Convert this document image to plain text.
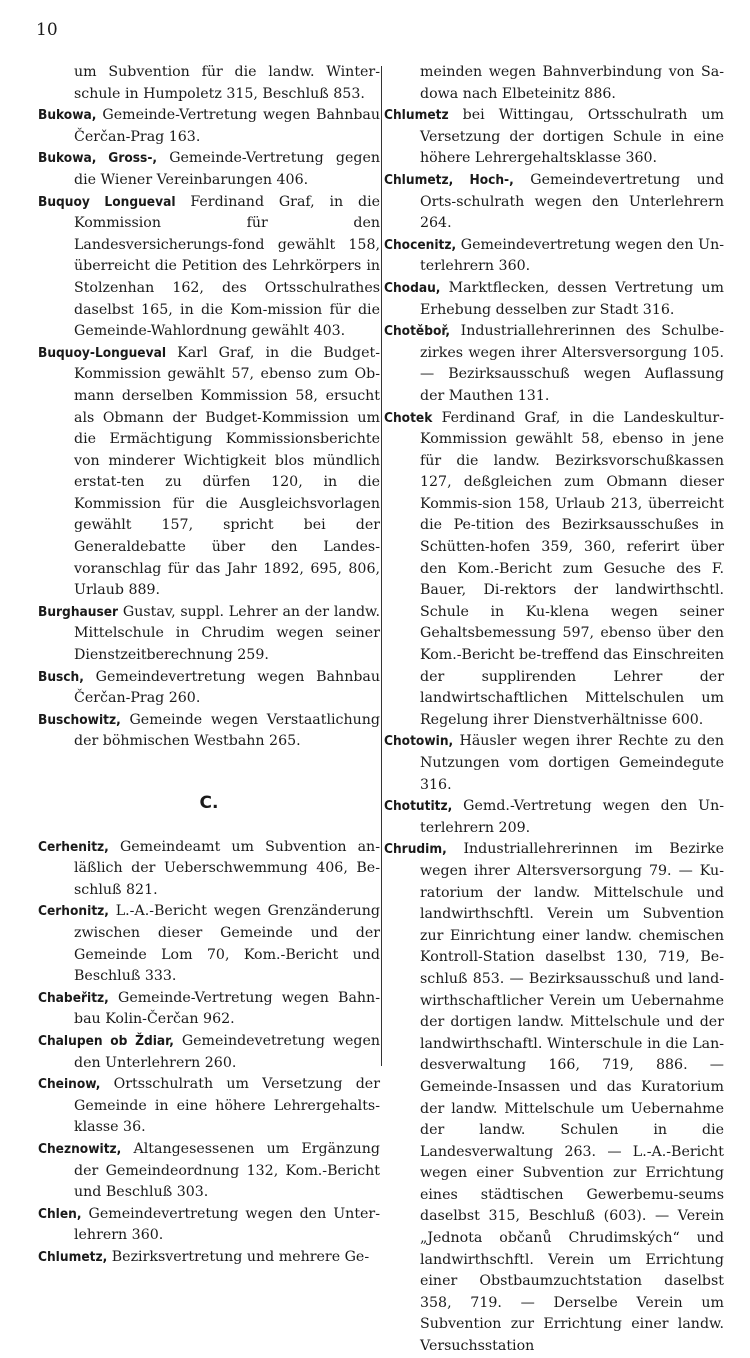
10

um Subvention für die landw. Winter-schule in Humpoletz 315, Beschluß 853.

Bukowa, Gemeinde-Vertretung wegen Bahnbau Čerčan-Prag 163.

Bukowa, Gross-, Gemeinde-Vertretung gegen die Wiener Vereinbarungen 406.

Buquoy Longueval Ferdinand Graf, in die Kommission für den Landesversicherungs-fond gewählt 158, überreicht die Petition des Lehrkörpers in Stolzenhan 162, des Ortsschulrathes daselbst 165, in die Kom-mission für die Gemeinde-Wahlordnung gewählt 403.

Buquoy-Longueval Karl Graf, in die Budget-Kommission gewählt 57, ebenso zum Ob-mann derselben Kommission 58, ersucht als Obmann der Budget-Kommission um die Ermächtigung Kommissionsberichte von minderer Wichtigkeit blos mündlich erstat-ten zu dürfen 120, in die Kommission für die Ausgleichsvorlagen gewählt 157, spricht bei der Generaldebatte über den Landes-voranschlag für das Jahr 1892, 695, 806, Urlaub 889.

Burghauser Gustav, suppl. Lehrer an der landw. Mittelschule in Chrudim wegen seiner Dienstzeitberechnung 259.

Busch, Gemeindevertretung wegen Bahnbau Čerčan-Prag 260.

Buschowitz, Gemeinde wegen Verstaatlichung der böhmischen Westbahn 265.

C.

Cerhenitz, Gemeindeamt um Subvention an-läßlich der Ueberschwemmung 406, Be-schluß 821.

Cerhonitz, L.-A.-Bericht wegen Grenzänderung zwischen dieser Gemeinde und der Gemeinde Lom 70, Kom.-Bericht und Beschluß 333.

Chabeřitz, Gemeinde-Vertretung wegen Bahn-bau Kolin-Čerčan 962.

Chalupen ob Ždiar, Gemeindevetretung wegen den Unterlehrern 260.

Cheinow, Ortsschulrath um Versetzung der Gemeinde in eine höhere Lehrergehalts-klasse 36.

Cheznowitz, Altangesessenen um Ergänzung der Gemeindeordnung 132, Kom.-Bericht und Beschluß 303.

Chlen, Gemeindevertretung wegen den Unter-lehrern 360.

Chlumetz, Bezirksvertretung und mehrere Ge-

meinden wegen Bahnverbindung von Sa-dowa nach Elbeteinitz 886.

Chlumetz bei Wittingau, Ortsschulrath um Versetzung der dortigen Schule in eine höhere Lehrergehaltsklasse 360.

Chlumetz, Hoch-, Gemeindevertretung und Orts-schulrath wegen den Unterlehrern 264.

Chocenitz, Gemeindevertretung wegen den Un-terlehrern 360.

Chodau, Marktflecken, dessen Vertretung um Erhebung desselben zur Stadt 316.

Chotěboř, Industriallehrerinnen des Schulbe-zirkes wegen ihrer Altersversorgung 105. — Bezirksausschuß wegen Auflassung der Mauthen 131.

Chotek Ferdinand Graf, in die Landeskultur-Kommission gewählt 58, ebenso in jene für die landw. Bezirksvorschußkassen 127, deßgleichen zum Obmann dieser Kommis-sion 158, Urlaub 213, überreicht die Pe-tition des Bezirksausschußes in Schütten-hofen 359, 360, referirt über den Kom.-Bericht zum Gesuche des F. Bauer, Di-rektors der landwirthschtl. Schule in Ku-klena wegen seiner Gehaltsbemessung 597, ebenso über den Kom.-Bericht be-treffend das Einschreiten der supplirenden Lehrer der landwirtschaftlichen Mittelschulen um Regelung ihrer Dienstverhältnisse 600.

Chotowin, Häusler wegen ihrer Rechte zu den Nutzungen vom dortigen Gemeindegute 316.

Chotutitz, Gemd.-Vertretung wegen den Un-terlehrern 209.

Chrudim, Industriallehrerinnen im Bezirke wegen ihrer Altersversorgung 79. — Ku-ratorium der landw. Mittelschule und landwirthschftl. Verein um Subvention zur Einrichtung einer landw. chemischen Kontroll-Station daselbst 130, 719, Be-schluß 853. — Bezirksausschuß und land-wirthschaftlicher Verein um Uebernahme der dortigen landw. Mittelschule und der landwirthschaftl. Winterschule in die Lan-desverwaltung 166, 719, 886. — Gemeinde-Insassen und das Kuratorium der landw. Mittelschule um Uebernahme der landw. Schulen in die Landesverwaltung 263. — L.-A.-Bericht wegen einer Subvention zur Errichtung eines städtischen Gewerbemu-seums daselbst 315, Beschluß (603). — Verein „Jednota občanů Chrudimských“ und landwirthschftl. Verein um Errichtung einer Obstbaumzuchtstation daselbst 358, 719. — Derselbe Verein um Subvention zur Errichtung einer landw. Versuchsstation
